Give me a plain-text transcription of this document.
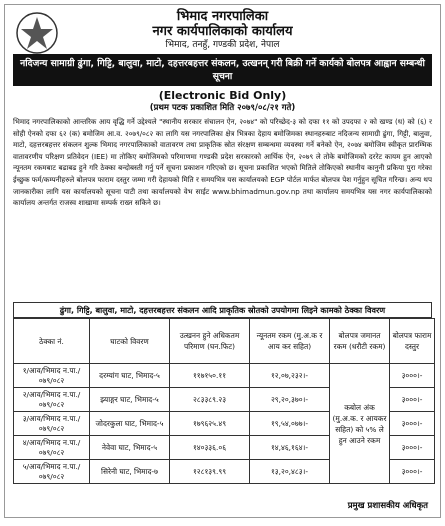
भिमाद नगरपालिका
नगर कार्यपालिकाको कार्यालय
भिमाद, तनहुँ, गण्डकी प्रदेश, नेपाल
नदिजन्य सामाग्री ढुंगा, गिट्टि, बालुवा, माटो, दहत्तरबहत्तर संकलन, उत्खनन् गरी बिक्री गर्ने कार्यको बोलपत्र आह्वान सम्बन्धी सूचना
(Electronic Bid Only)
(प्रथम पटक प्रकाशित मिति २०७९/०८/२१ गते)
भिमाद नगरपालिकाको आन्तरिक आय वृद्धि गर्ने उद्देश्यले "स्थानीय सरकार संचालन ऐन, २०७४" को परिच्छेद-३ को दफा ११ को उपदफा २ को खण्ड (ध) को (६) र सोही ऐनको दफा ६२ (क) बमोजिम आ.व. २०७९/०८२ का लागि यस नगरपालिका क्षेत्र भित्रका देहाय बमोजिमका स्थानहरुबाट नदिजन्य सामाग्री ढुंगा, गिट्टी, बालुवा, माटो, दहत्तरबहत्तर संकलन शुल्क भिमाद नगरपालिकाको वातावरण तथा प्राकृतिक स्रोत संरक्षण सम्बन्धमा व्यवस्था गर्ने बनेको ऐन, २०७४ बमोजिम स्वीकृत प्रारम्भिक वातावरणीय परिक्षण प्रतिवेदन (IEE) मा तोकिए बमोजिमको परिमाणमा गण्डकी प्रदेश सरकारको आर्थिक ऐन, २०७९ ले तोके बमोजिमको दररेट कायम हुन आएको न्यूनतम रकमबाट बढाबढ हुने गरि ठेक्का बन्दोबस्ती गर्नु पर्ने सूचना प्रकाशन गरिएको छ। सूचना प्रकाशित भएको मितिले तोकिएको स्थानीय कानुनी प्रकिया पुरा गरेका ईच्छुक फर्म/कम्पनीहरुले बोलपत्र फाराम दस्तुर जम्मा गरी देहायको मिति र समयभित्र यस कार्यालयको EGP पोर्टल मार्फत बोलपत्र पेश गर्नुहुन सूचित गरिन्छ। अन्य थप जानकारीका लागि यस कार्यालयको सूचना पाटी तथा कार्यालयको वेभ साईट www.bhimadmun.gov.np तथा कार्यालय समयभित्र यस नगर कार्यपालिकाको कार्यालय अन्तर्गत राजस्व शाखामा सम्पर्क राख्न सकिने छ।
ढुंगा, गिट्टि, बालुवा, माटो, दहत्तरबहत्तर संकलन आदि प्राकृतिक स्रोतको उपयोगमा लिइने कामको ठेक्का विवरण
ठेक्का नं.	घाटको विवरण	उत्खनन हुने अधिकतम परिमाण (घन.फिट)	न्यूनतम रकम (मु.अ.क र आय कर सहित)	बोलपत्र जमानत रकम (धरौटी रकम)	बोलपत्र फाराम दस्तुर
१/आव/भिमाद न.पा./०७९/०८२	दरम्यांग घाट, भिमाद-५	११७१५०.११	१२,०७,२३२।-	कबोल अंक (मु.अ.क. र आयकर सहित) को ५% ले हुन आउने रकम	३०००।-
२/आव/भिमाद न.पा./०७९/०८२	झ्याङ्गर घाट, भिमाद-५	२८३३८९.२३	२९,२०,३७०।-		३०००।-
३/आव/भिमाद न.पा./०७९/०८२	जोदरकुला घाट, भिमाद-५	१७९६२५.४९	१९,५४,०७७।-		३०००।-
४/आव/भिमाद न.पा./०७९/०८२	नेवेवा घाट, भिमाद-५	१४०३३६.०६	१४,४६,१६४।-		३०००।-
५/आव/भिमाद न.पा./०७९/०८२	सिरेनी घाट, भिमाद-७	१२८१३९.९९	१३,२०,४८३।-		३०००।-
प्रमुख प्रशासकीय अधिकृत
